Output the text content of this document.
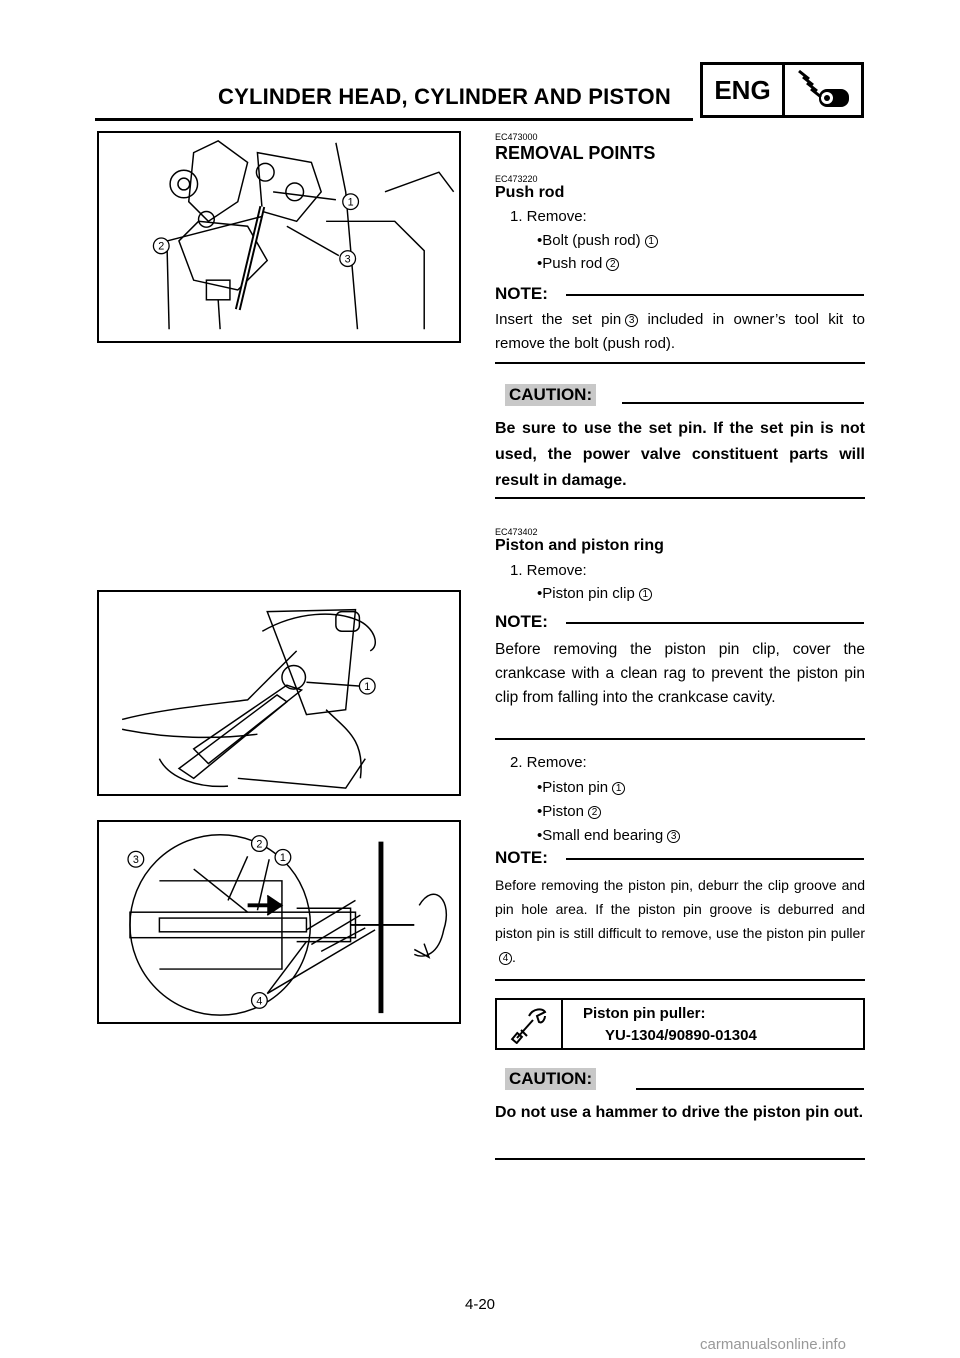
CYLINDER HEAD, CYLINDER AND PISTON	ENG
1
2
3
1
3
2
1
4
EC473000
REMOVAL POINTS
EC473220
Push rod
1. Remove:
• Bolt (push rod) 1
• Push rod 2
NOTE:
Insert the set pin 3 included in owner’s tool kit to remove the bolt (push rod).
CAUTION:
Be sure to use the set pin. If the set pin is not used, the power valve constituent parts will result in damage.
EC473402
Piston and piston ring
1. Remove:
• Piston pin clip 1
NOTE:
Before removing the piston pin clip, cover the crankcase with a clean rag to prevent the piston pin clip from falling into the crankcase cavity.
2. Remove:
• Piston pin 1
• Piston 2
• Small end bearing 3
NOTE:
Before removing the piston pin, deburr the clip groove and pin hole area. If the piston pin groove is deburred and piston pin is still difficult to remove, use the piston pin puller4 .
Piston pin puller:
YU-1304/90890-01304
CAUTION:
Do not use a hammer to drive the piston pin out.
4-20
carmanualsonline.info
